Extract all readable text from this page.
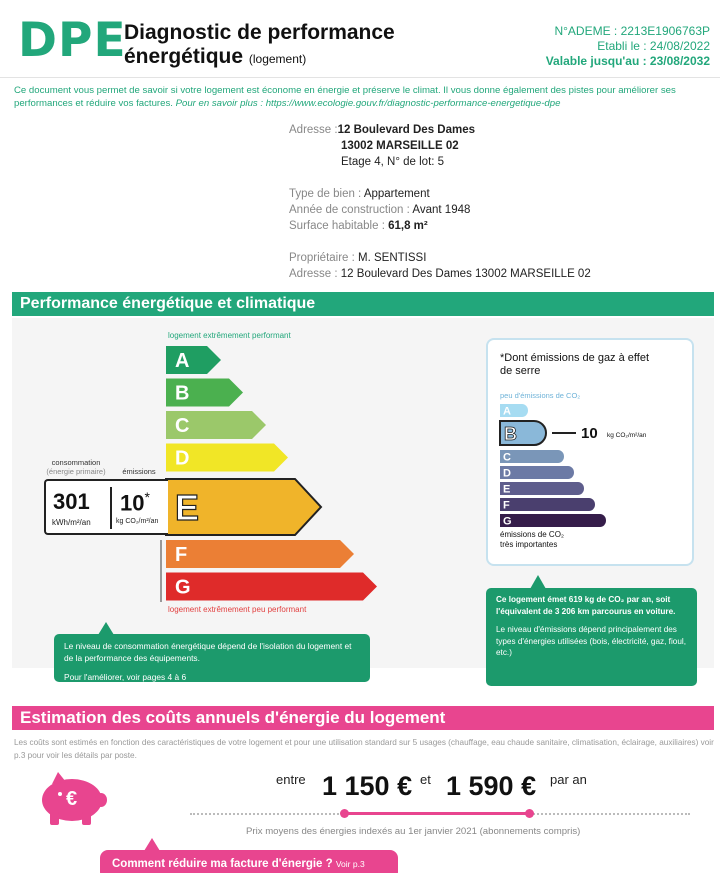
DPE
Diagnostic de performance
énergétique (logement)
N°ADEME : 2213E1906763P
Etabli le : 24/08/2022
Valable jusqu'au : 23/08/2032
Ce document vous permet de savoir si votre logement est économe en énergie et préserve le climat. Il vous donne également des pistes pour améliorer ses performances et réduire vos factures. Pour en savoir plus : https://www.ecologie.gouv.fr/diagnostic-performance-energetique-dpe
Adresse :12 Boulevard Des Dames
13002 MARSEILLE 02
Etage 4, N° de lot: 5
Type de bien : Appartement
Année de construction : Avant 1948
Surface habitable : 61,8 m²
Propriétaire : M. SENTISSI
Adresse : 12 Boulevard Des Dames 13002 MARSEILLE 02
Performance énergétique et climatique
logement extrêmement performant
logement extrêmement peu performant
A
B
C
D
E
F
G
consommation
(énergie primaire)	émissions
301
kWh/m²/an
10*
kg CO₂/m²/an
Le niveau de consommation énergétique dépend de l'isolation du logement et de la performance des équipements.
Pour l'améliorer, voir pages 4 à 6
*Dont émissions de gaz à effet de serre
peu d'émissions de CO₂
émissions de CO₂
très importantes
A
B
C
D
E
F
G
10 kg CO₂/m²/an
Ce logement émet 619 kg de CO₂ par an, soit l'équivalent de 3 206 km parcourus en voiture.
Le niveau d'émissions dépend principalement des types d'énergies utilisées (bois, électricité, gaz, fioul, etc.)
Estimation des coûts annuels d'énergie du logement
Les coûts sont estimés en fonction des caractéristiques de votre logement et pour une utilisation standard sur 5 usages (chauffage, eau chaude sanitaire, climatisation, éclairage, auxiliaires) voir p.3 pour voir les détails par poste.
€
entre 1 150 € et 1 590 € par an
Prix moyens des énergies indexés au 1er janvier 2021 (abonnements compris)
Comment réduire ma facture d'énergie ? Voir p.3
